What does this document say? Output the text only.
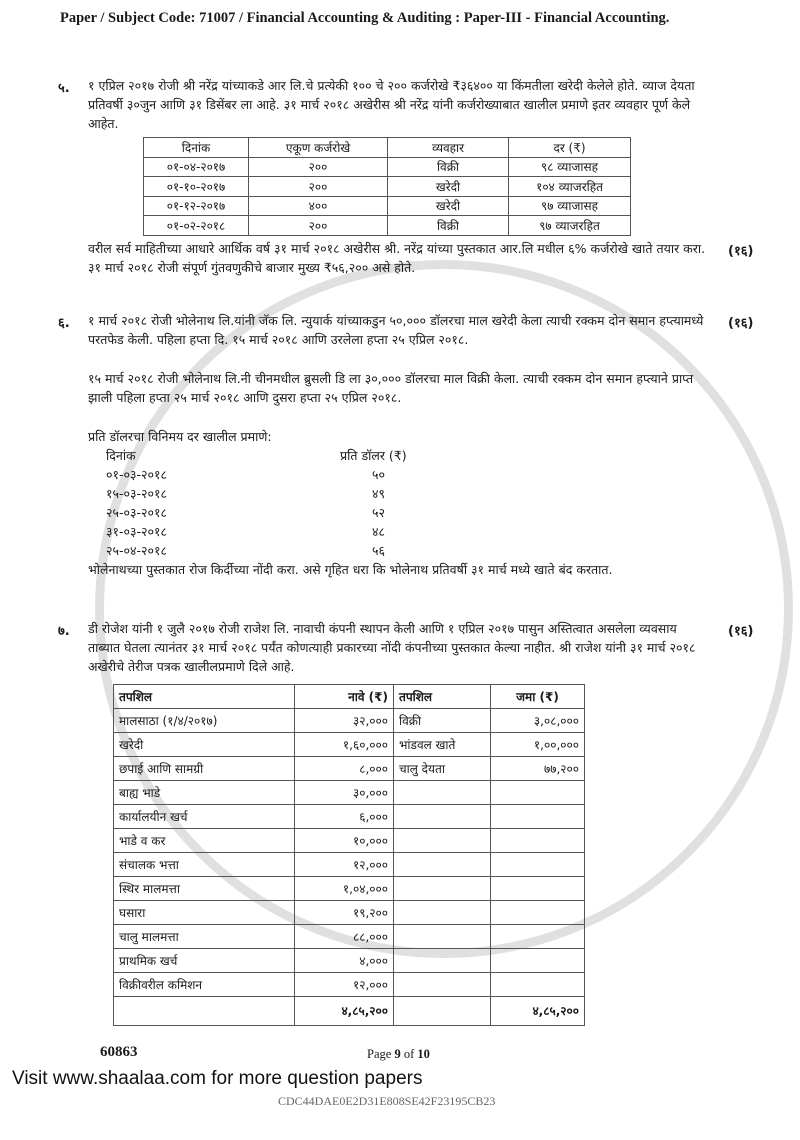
Paper / Subject Code: 71007 / Financial Accounting & Auditing : Paper-III - Financial Accounting.
५. १ एप्रिल २०१७ रोजी श्री नरेंद्र यांच्याकडे आर लि.चे प्रत्येकी १०० चे २०० कर्जरोखे ₹३६४०० या किंमतीला खरेदी केलेले होते. व्याज देयता प्रतिवर्षी ३०जुन आणि ३१ डिसेंबर ला आहे. ३१ मार्च २०१८ अखेरीस श्री नरेंद्र यांनी कर्जरोख्याबात खालील प्रमाणे इतर व्यवहार पूर्ण केले आहेत.
दिनांक	एकूण कर्जरोखे	व्यवहार	दर (₹)
०१-०४-२०१७	२००	विक्री	९८ व्याजासह
०१-१०-२०१७	२००	खरेदी	१०४ व्याजरहित
०१-१२-२०१७	४००	खरेदी	९७ व्याजासह
०१-०२-२०१८	२००	विक्री	९७ व्याजरहित
वरील सर्व माहितीच्या आधारे आर्थिक वर्ष ३१ मार्च २०१८ अखेरीस श्री. नरेंद्र यांच्या पुस्तकात आर.लि मधील ६% कर्जरोखे खाते तयार करा. ३१ मार्च २०१८ रोजी संपूर्ण गुंतवणुकीचे बाजार मुख्य ₹५६,२०० असे होते.
(१६)
६.	(१६)
१ मार्च २०१८ रोजी भोलेनाथ लि.यांनी जॅक लि. न्युयार्क यांच्याकडुन ५०,००० डॉलरचा माल खरेदी केला त्याची रक्कम दोन समान हप्त्यामध्ये परतफेड केली. पहिला हप्ता दि. १५ मार्च २०१८ आणि उरलेला हप्ता २५ एप्रिल २०१८.
१५ मार्च २०१८ रोजी भोलेनाथ लि.नी चीनमधील ब्रुसली डि ला ३०,००० डॉलरचा माल विक्री केला. त्याची रक्कम दोन समान हप्त्याने प्राप्त झाली पहिला हप्ता २५ मार्च २०१८ आणि दुसरा हप्ता २५ एप्रिल २०१८.
प्रति डॉलरचा विनिमय दर खालील प्रमाणे:
दिनांक	प्रति डॉलर (₹)
०१-०३-२०१८	५०
१५-०३-२०१८	४९
२५-०३-२०१८	५२
३१-०३-२०१८	४८
२५-०४-२०१८	५६
भोलेनाथच्या पुस्तकात रोज किर्दीच्या नोंदी करा. असे गृहित धरा कि भोलेनाथ प्रतिवर्षी ३१ मार्च मध्ये खाते बंद करतात.
७.	(१६)
डी रोजेश यांनी १ जुलै २०१७ रोजी राजेश लि. नावाची कंपनी स्थापन केली आणि १ एप्रिल २०१७ पासुन अस्तित्वात असलेला व्यवसाय ताब्यात घेतला त्यानंतर ३१ मार्च २०१८ पर्यंत कोणत्याही प्रकारच्या नोंदी कंपनीच्या पुस्तकात केल्या नाहीत. श्री राजेश यांनी ३१ मार्च २०१८ अखेरीचे तेरीज पत्रक खालीलप्रमाणे दिले आहे.
तपशिल	नावे (₹)	तपशिल	जमा (₹)
मालसाठा (१/४/२०१७)	३२,०००	विक्री	३,०८,०००
खरेदी	१,६०,०००	भांडवल खाते	१,००,०००
छपाई आणि सामग्री	८,०००	चालु देयता	७७,२००
बाह्य भाडे	३०,०००		
कार्यालयीन खर्च	६,०००		
भाडे व कर	१०,०००		
संचालक भत्ता	१२,०००		
स्थिर मालमत्ता	१,०४,०००		
घसारा	१९,२००		
चालु मालमत्ता	८८,०००		
प्राथमिक खर्च	४,०००		
विक्रीवरील कमिशन	१२,०००		
	४,८५,२००		४,८५,२००
60863	Page 9 of 10
Visit www.shaalaa.com for more question papers
CDC44DAE0E2D31E808SE42F23195CB23
